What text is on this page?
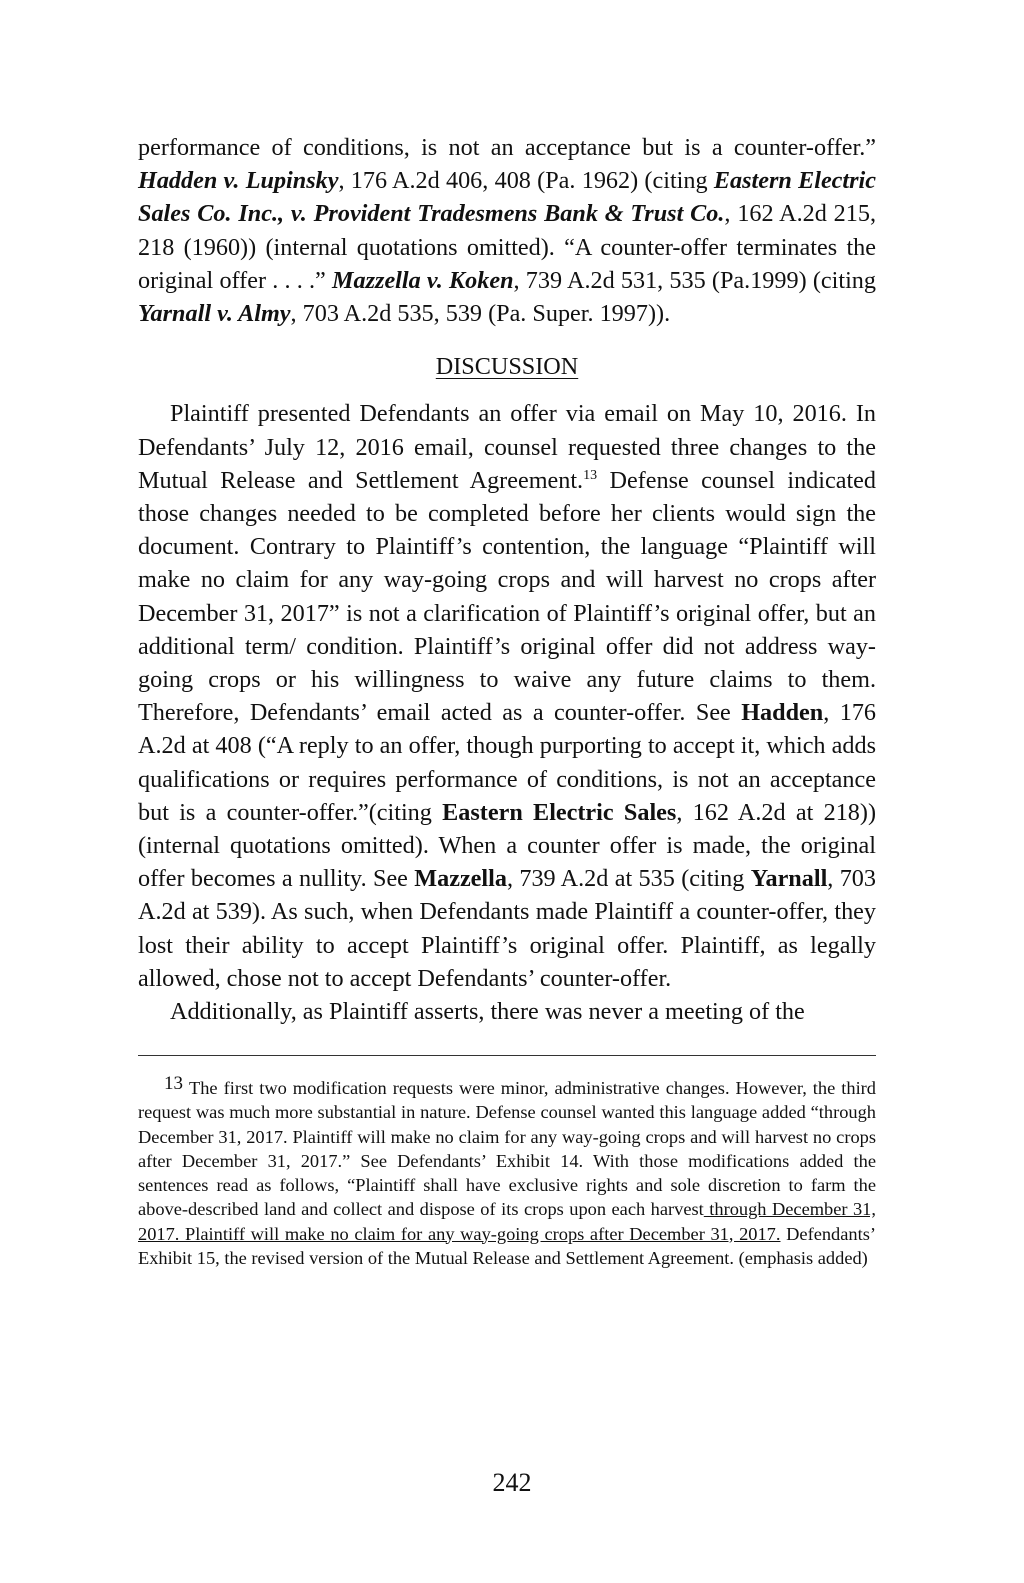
performance of conditions, is not an acceptance but is a counter-offer.” Hadden v. Lupinsky, 176 A.2d 406, 408 (Pa. 1962) (citing Eastern Electric Sales Co. Inc., v. Provident Tradesmens Bank & Trust Co., 162 A.2d 215, 218 (1960)) (internal quotations omitted). “A counter-offer terminates the original offer . . . .” Mazzella v. Koken, 739 A.2d 531, 535 (Pa.1999) (citing Yarnall v. Almy, 703 A.2d 535, 539 (Pa. Super. 1997)).

DISCUSSION

Plaintiff presented Defendants an offer via email on May 10, 2016. In Defendants’ July 12, 2016 email, counsel requested three changes to the Mutual Release and Settlement Agreement.$^{13}$ Defense counsel indicated those changes needed to be completed before her clients would sign the document. Contrary to Plaintiff’s contention, the language “Plaintiff will make no claim for any way-going crops and will harvest no crops after December 31, 2017” is not a clarification of Plaintiff’s original offer, but an additional term/ condition. Plaintiff’s original offer did not address way-going crops or his willingness to waive any future claims to them. Therefore, Defendants’ email acted as a counter-offer. See Hadden, 176 A.2d at 408 (“A reply to an offer, though purporting to accept it, which adds qualifications or requires performance of conditions, is not an acceptance but is a counter-offer.”(citing Eastern Electric Sales, 162 A.2d at 218)) (internal quotations omitted). When a counter offer is made, the original offer becomes a nullity. See Mazzella, 739 A.2d at 535 (citing Yarnall, 703 A.2d at 539). As such, when Defendants made Plaintiff a counter-offer, they lost their ability to accept Plaintiff’s original offer. Plaintiff, as legally allowed, chose not to accept Defendants’ counter-offer.

Additionally, as Plaintiff asserts, there was never a meeting of the

13 The first two modification requests were minor, administrative changes. However, the third request was much more substantial in nature. Defense counsel wanted this language added “through December 31, 2017. Plaintiff will make no claim for any way-going crops and will harvest no crops after December 31, 2017.” See Defendants’ Exhibit 14. With those modifications added the sentences read as follows, “Plaintiff shall have exclusive rights and sole discretion to farm the above-described land and collect and dispose of its crops upon each harvest through December 31, 2017. Plaintiff will make no claim for any way-going crops after December 31, 2017. Defendants’ Exhibit 15, the revised version of the Mutual Release and Settlement Agreement. (emphasis added)

242
